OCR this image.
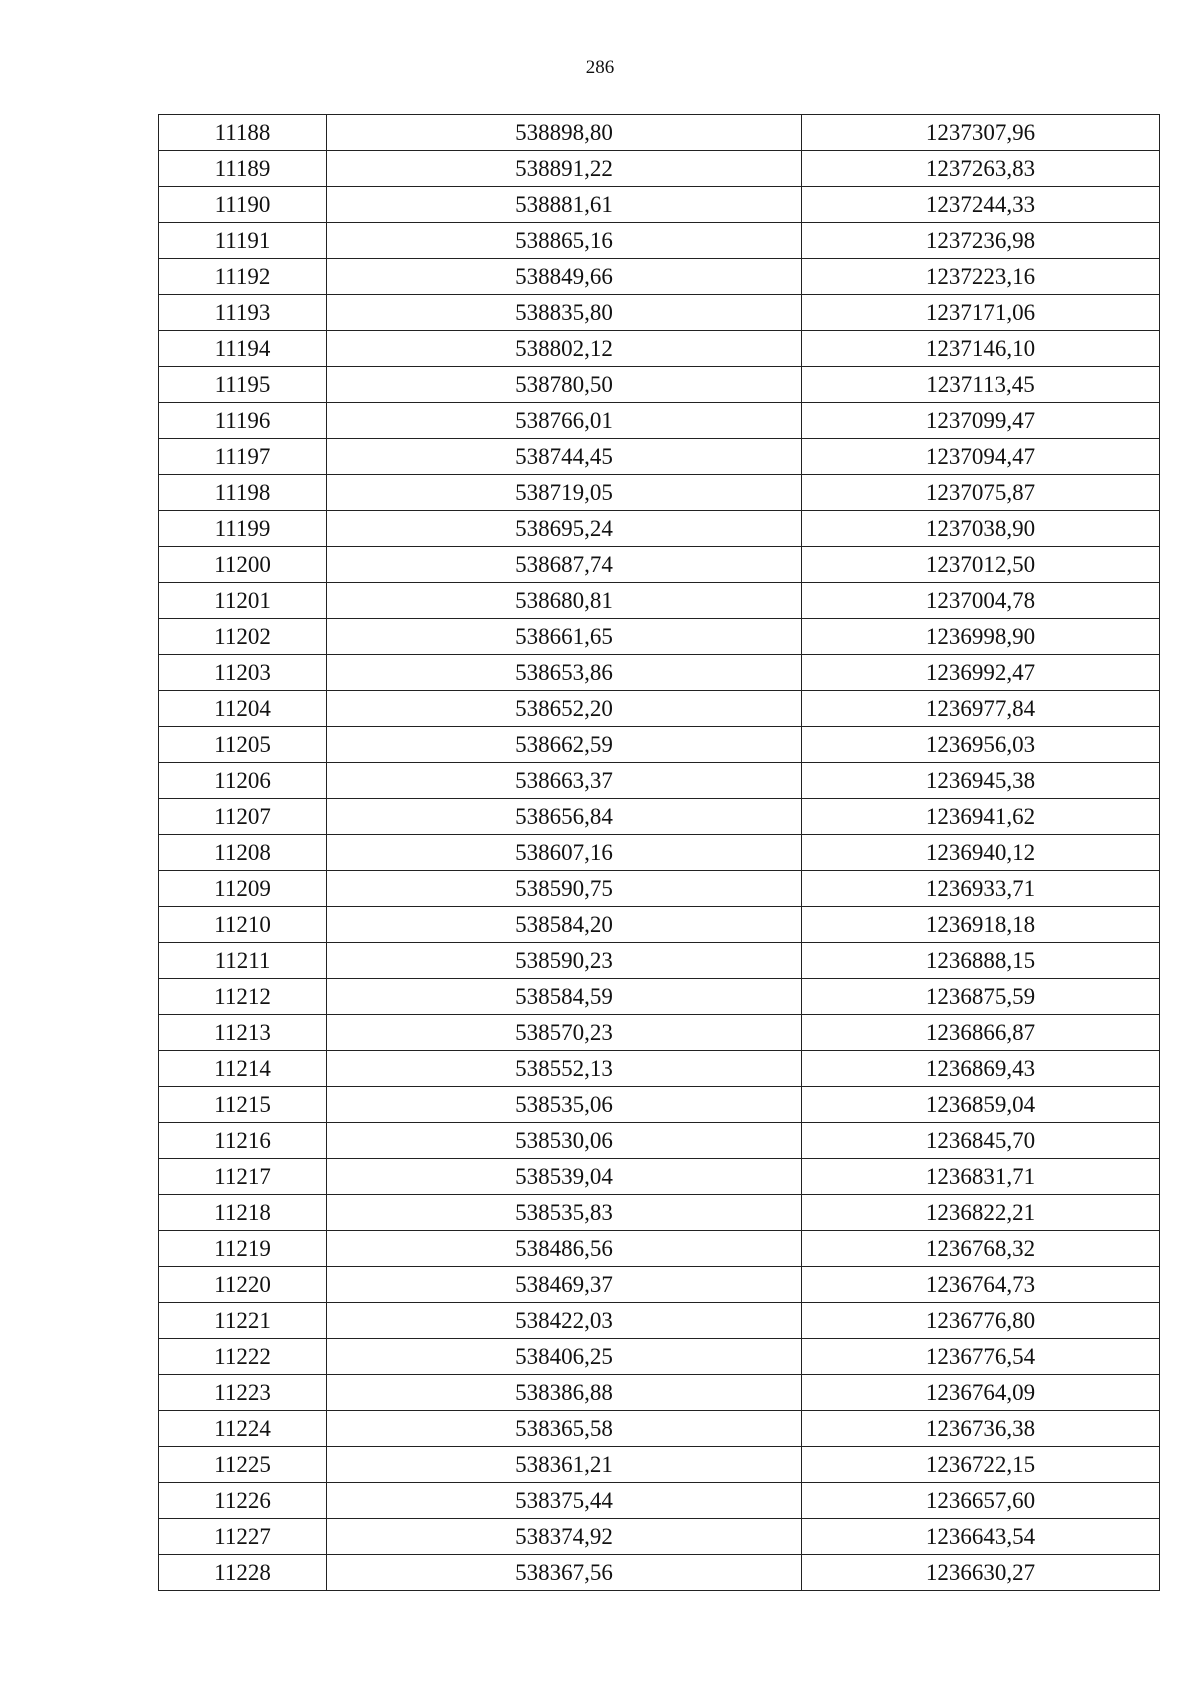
286
11188	538898,80	1237307,96
11189	538891,22	1237263,83
11190	538881,61	1237244,33
11191	538865,16	1237236,98
11192	538849,66	1237223,16
11193	538835,80	1237171,06
11194	538802,12	1237146,10
11195	538780,50	1237113,45
11196	538766,01	1237099,47
11197	538744,45	1237094,47
11198	538719,05	1237075,87
11199	538695,24	1237038,90
11200	538687,74	1237012,50
11201	538680,81	1237004,78
11202	538661,65	1236998,90
11203	538653,86	1236992,47
11204	538652,20	1236977,84
11205	538662,59	1236956,03
11206	538663,37	1236945,38
11207	538656,84	1236941,62
11208	538607,16	1236940,12
11209	538590,75	1236933,71
11210	538584,20	1236918,18
11211	538590,23	1236888,15
11212	538584,59	1236875,59
11213	538570,23	1236866,87
11214	538552,13	1236869,43
11215	538535,06	1236859,04
11216	538530,06	1236845,70
11217	538539,04	1236831,71
11218	538535,83	1236822,21
11219	538486,56	1236768,32
11220	538469,37	1236764,73
11221	538422,03	1236776,80
11222	538406,25	1236776,54
11223	538386,88	1236764,09
11224	538365,58	1236736,38
11225	538361,21	1236722,15
11226	538375,44	1236657,60
11227	538374,92	1236643,54
11228	538367,56	1236630,27
